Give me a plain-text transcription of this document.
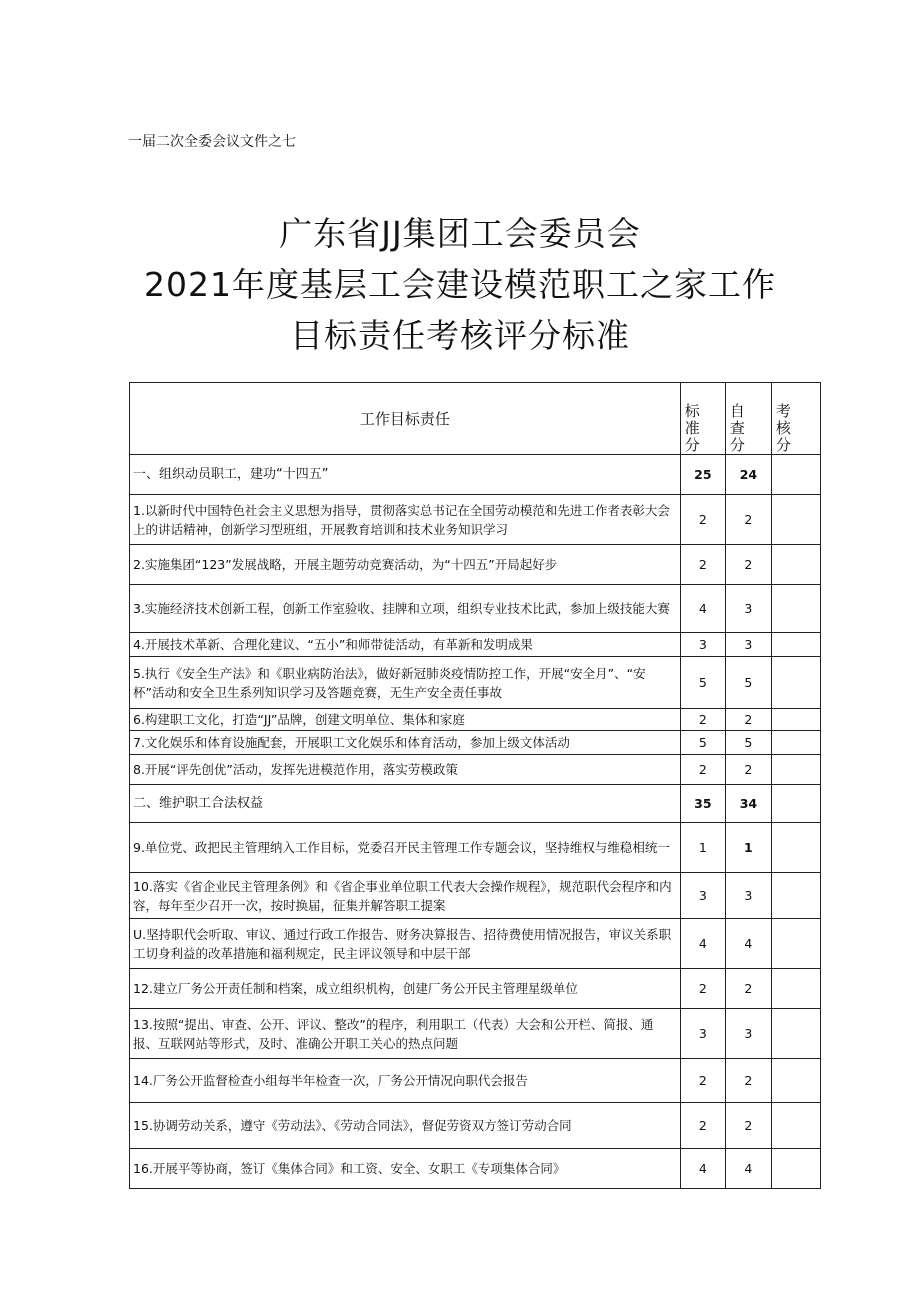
一届二次全委会议文件之七
广东省JJ集团工会委员会
2021年度基层工会建设模范职工之家工作
目标责任考核评分标准
工作目标责任	标准分	自查分	考核分

一、组织动员职工，建功“十四五”	25	24	
1.以新时代中国特色社会主义思想为指导，贯彻落实总书记在全国劳动模范和先进工作者表彰大会上的讲话精神，创新学习型班组，开展教育培训和技术业务知识学习	2	2	
2.实施集团“123”发展战略，开展主题劳动竞赛活动，为“十四五”开局起好步	2	2	
3.实施经济技术创新工程，创新工作室验收、挂牌和立项，组织专业技术比武，参加上级技能大赛	4	3	
4.开展技术革新、合理化建议、“五小”和师带徒活动，有革新和发明成果	3	3	
5.执行《安全生产法》和《职业病防治法》，做好新冠肺炎疫情防控工作，开展“安全月”、“安杯”活动和安全卫生系列知识学习及答题竞赛，无生产安全责任事故	5	5	
6.构建职工文化，打造“JJ”品牌，创建文明单位、集体和家庭	2	2	
7.文化娱乐和体育设施配套，开展职工文化娱乐和体育活动，参加上级文体活动	5	5	
8.开展“评先创优”活动，发挥先进模范作用，落实劳模政策	2	2	
二、维护职工合法权益	35	34	
9.单位党、政把民主管理纳入工作目标，党委召开民主管理工作专题会议，坚持维权与维稳相统一	1	1	
10.落实《省企业民主管理条例》和《省企事业单位职工代表大会操作规程》，规范职代会程序和内容，每年至少召开一次，按时换届，征集并解答职工提案	3	3	
U.坚持职代会听取、审议、通过行政工作报告、财务决算报告、招待费使用情况报告，审议关系职工切身利益的改革措施和福利规定，民主评议领导和中层干部	4	4	
12.建立厂务公开责任制和档案，成立组织机构，创建厂务公开民主管理星级单位	2	2	
13.按照“提出、审查、公开、评议、整改”的程序，利用职工（代表）大会和公开栏、简报、通报、互联网站等形式，及时、准确公开职工关心的热点问题	3	3	
14.厂务公开监督检查小组每半年检查一次，厂务公开情况向职代会报告	2	2	
15.协调劳动关系，遵守《劳动法》、《劳动合同法》，督促劳资双方签订劳动合同	2	2	
16.开展平等协商，签订《集体合同》和工资、安全、女职工《专项集体合同》	4	4	
